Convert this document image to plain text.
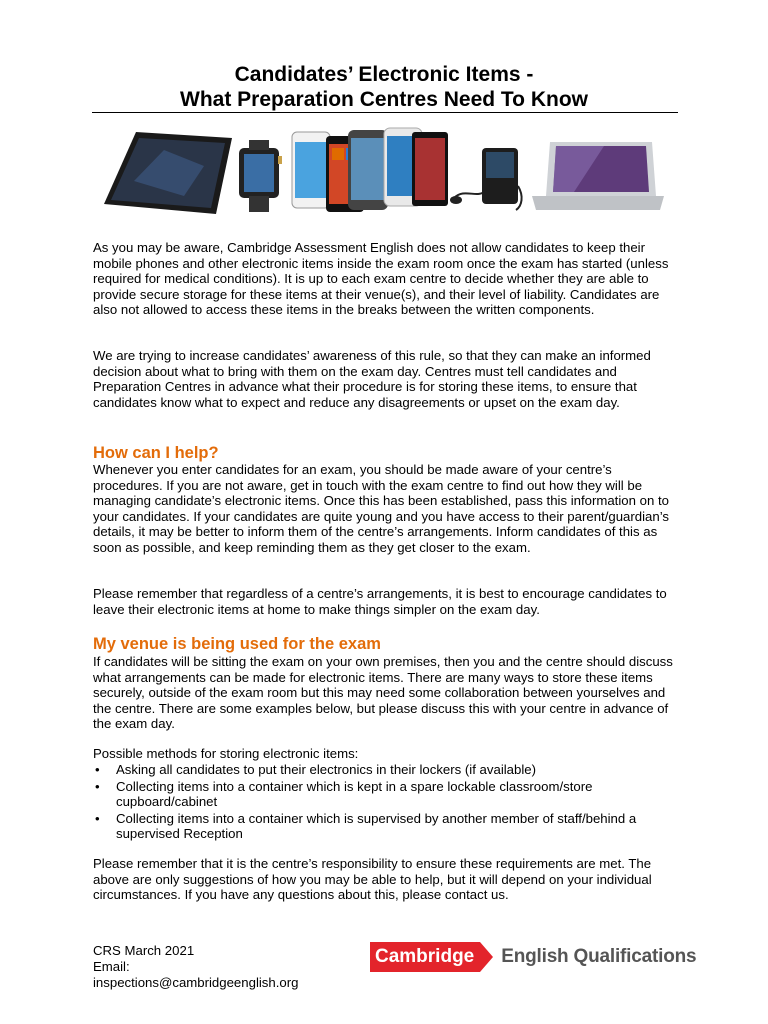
Candidates’ Electronic Items -
What Preparation Centres Need To Know

As you may be aware, Cambridge Assessment English does not allow candidates to keep their mobile phones and other electronic items inside the exam room once the exam has started (unless required for medical conditions). It is up to each exam centre to decide whether they are able to provide secure storage for these items at their venue(s), and their level of liability. Candidates are also not allowed to access these items in the breaks between the written components.

We are trying to increase candidates’ awareness of this rule, so that they can make an informed decision about what to bring with them on the exam day. Centres must tell candidates and Preparation Centres in advance what their procedure is for storing these items, to ensure that candidates know what to expect and reduce any disagreements or upset on the exam day.

How can I help?

Whenever you enter candidates for an exam, you should be made aware of your centre’s procedures. If you are not aware, get in touch with the exam centre to find out how they will be managing candidate’s electronic items. Once this has been established, pass this information on to your candidates. If your candidates are quite young and you have access to their parent/guardian’s details, it may be better to inform them of the centre’s arrangements. Inform candidates of this as soon as possible, and keep reminding them as they get closer to the exam.

Please remember that regardless of a centre’s arrangements, it is best to encourage candidates to leave their electronic items at home to make things simpler on the exam day.

My venue is being used for the exam

If candidates will be sitting the exam on your own premises, then you and the centre should discuss what arrangements can be made for electronic items. There are many ways to store these items securely, outside of the exam room but this may need some collaboration between yourselves and the centre. There are some examples below, but please discuss this with your centre in advance of the exam day.

Possible methods for storing electronic items:

• Asking all candidates to put their electronics in their lockers (if available)
• Collecting items into a container which is kept in a spare lockable classroom/store cupboard/cabinet
• Collecting items into a container which is supervised by another member of staff/behind a supervised Reception

Please remember that it is the centre’s responsibility to ensure these requirements are met. The above are only suggestions of how you may be able to help, but it will depend on your individual circumstances. If you have any questions about this, please contact us.

CRS March 2021
Email:
inspections@cambridgeenglish.org
Cambridge	English Qualifications
